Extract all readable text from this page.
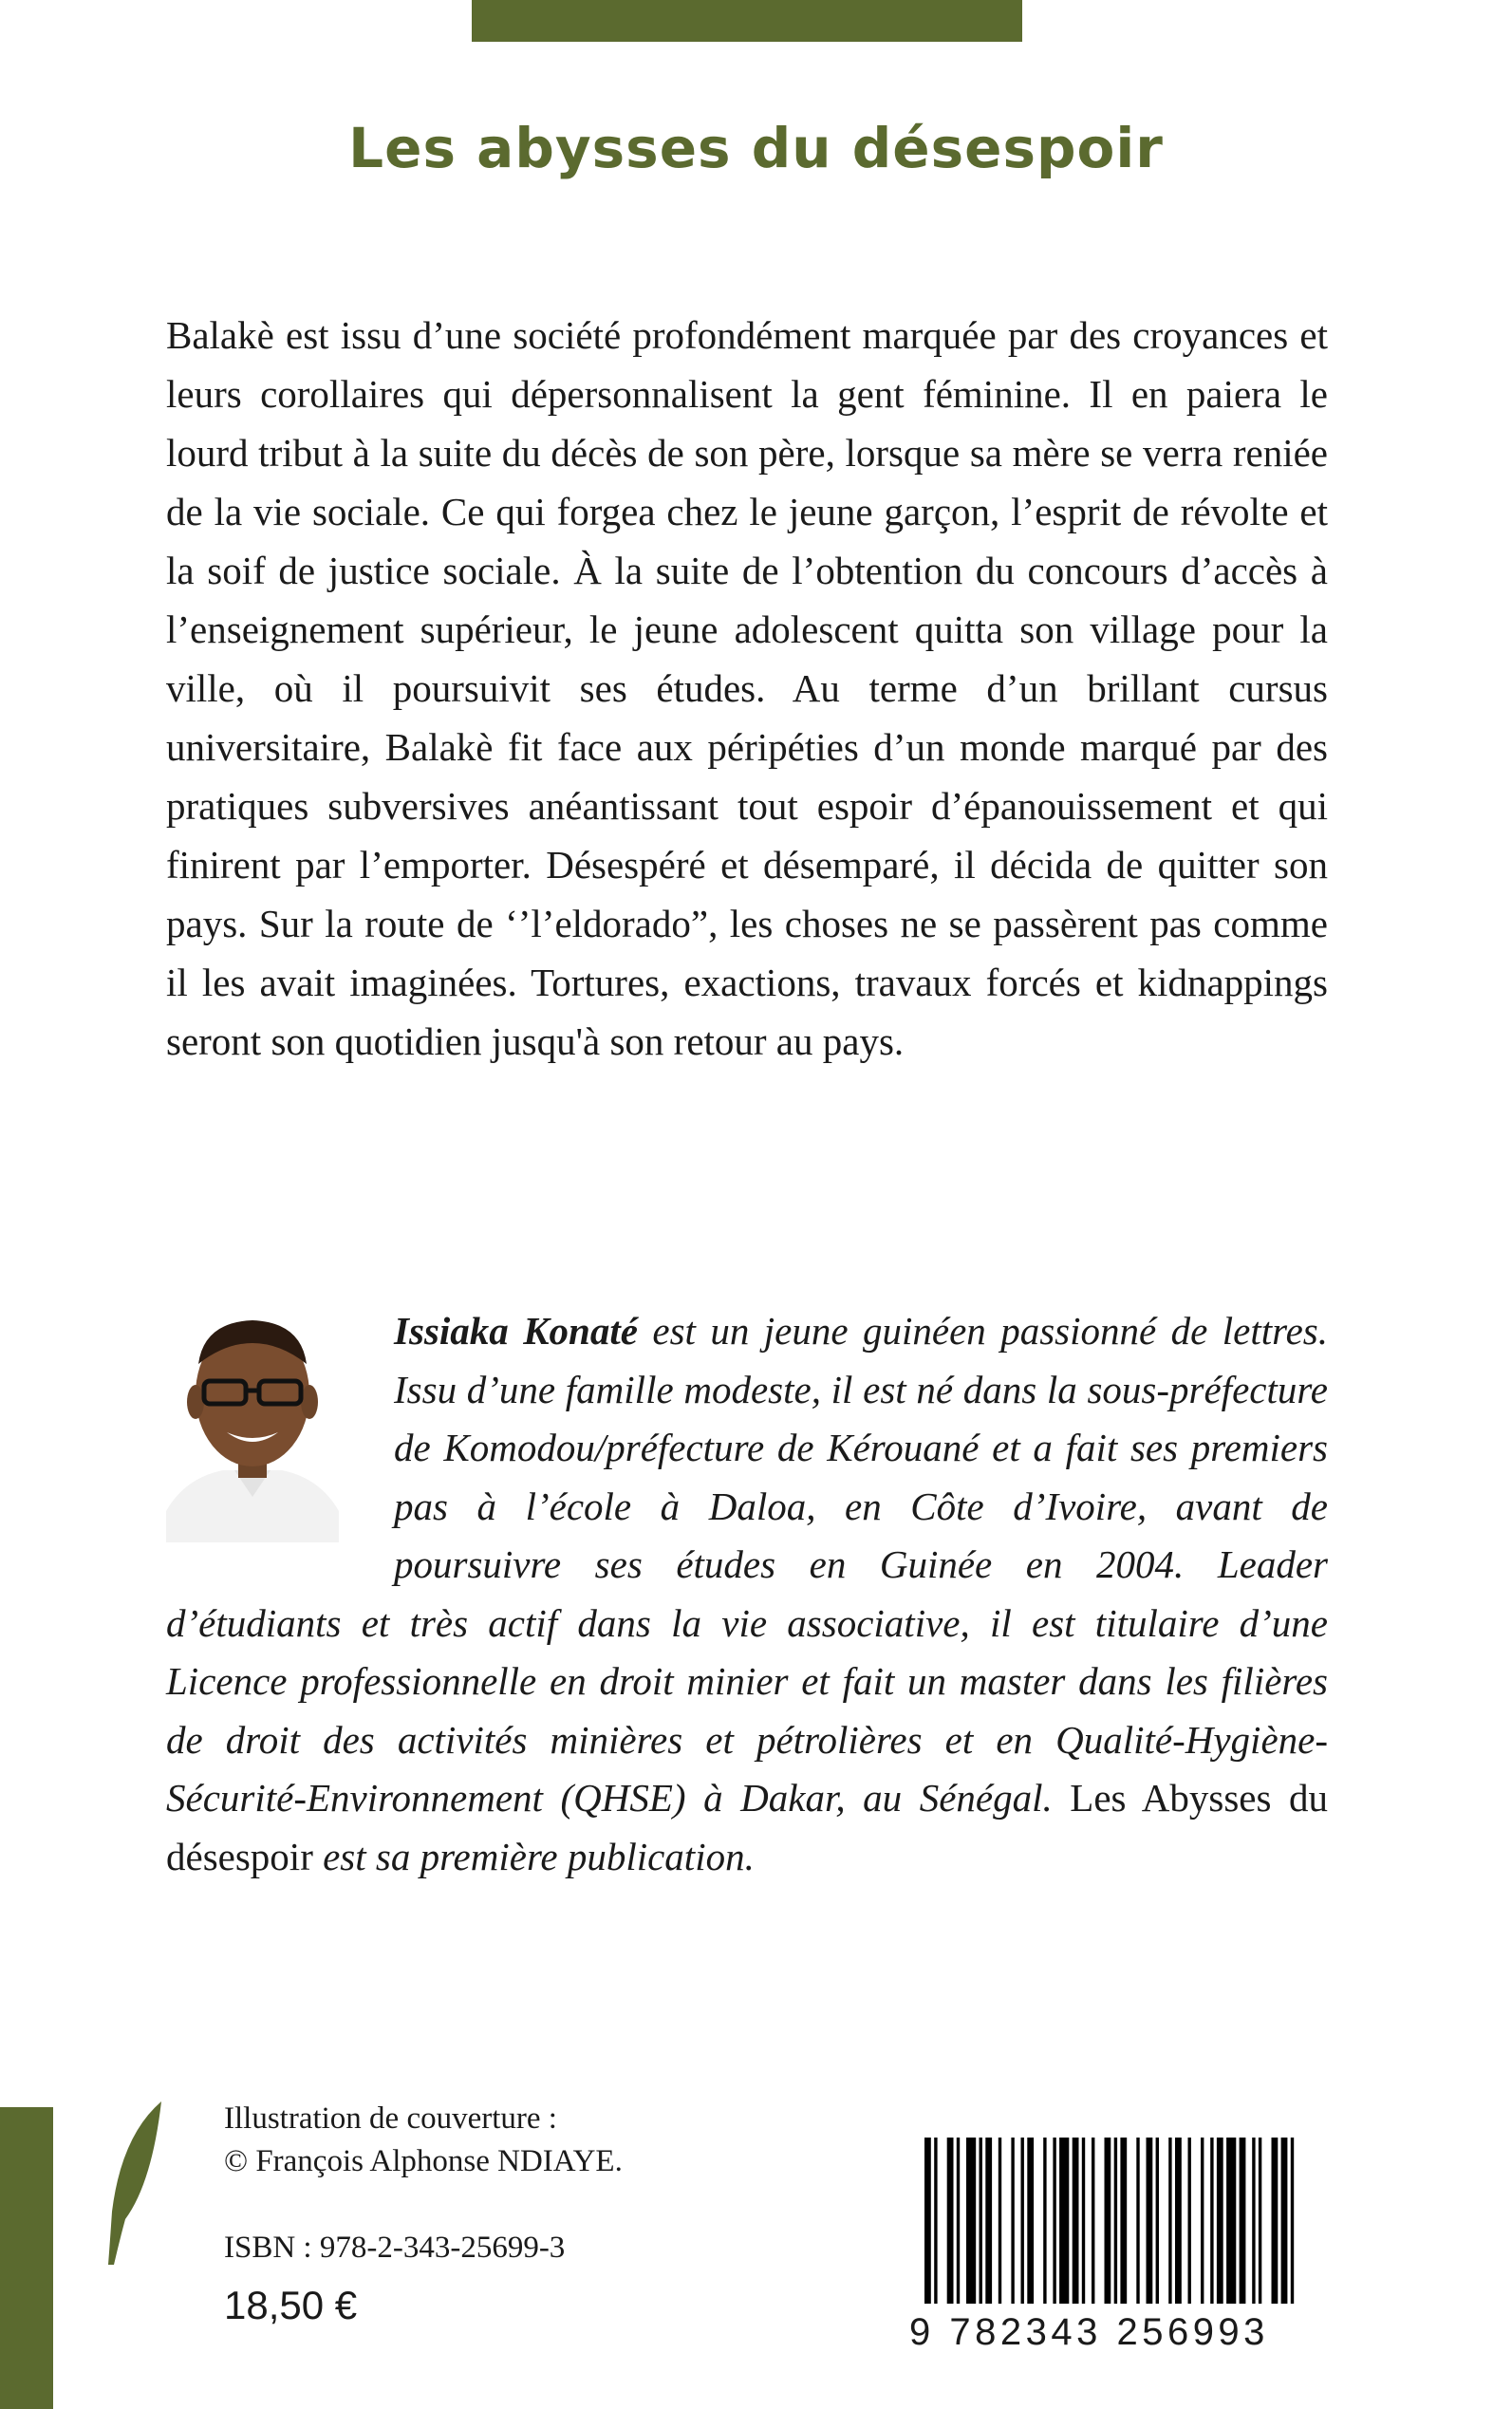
Les abysses du désespoir

Balakè est issu d’une société profondément marquée par des croyances et leurs corollaires qui dépersonnalisent la gent féminine. Il en paiera le lourd tribut à la suite du décès de son père, lorsque sa mère se verra reniée de la vie sociale. Ce qui forgea chez le jeune garçon, l’esprit de révolte et la soif de justice sociale. À la suite de l’obtention du concours d’accès à l’enseignement supérieur, le jeune adolescent quitta son village pour la ville, où il poursuivit ses études. Au terme d’un brillant cursus universitaire, Balakè fit face aux péripéties d’un monde marqué par des pratiques subversives anéantissant tout espoir d’épanouissement et qui finirent par l’emporter. Désespéré et désemparé, il décida de quitter son pays. Sur la route de ‘’l’eldorado”, les choses ne se passèrent pas comme il les avait imaginées. Tortures, exactions, travaux forcés et kidnappings seront son quotidien jusqu'à son retour au pays.

Issiaka Konaté est un jeune guinéen passionné de lettres. Issu d’une famille modeste, il est né dans la sous-préfecture de Komodou/préfecture de Kérouané et a fait ses premiers pas à l’école à Daloa, en Côte d’Ivoire, avant de poursuivre ses études en Guinée en 2004. Leader d’étudiants et très actif dans la vie associative, il est titulaire d’une Licence professionnelle en droit minier et fait un master dans les filières de droit des activités minières et pétrolières et en Qualité-Hygiène-Sécurité-Environnement (QHSE) à Dakar, au Sénégal. Les Abysses du désespoir est sa première publication.

Illustration de couverture :
© François Alphonse NDIAYE.

ISBN : 978-2-343-25699-3

18,50 €

9 782343 256993
